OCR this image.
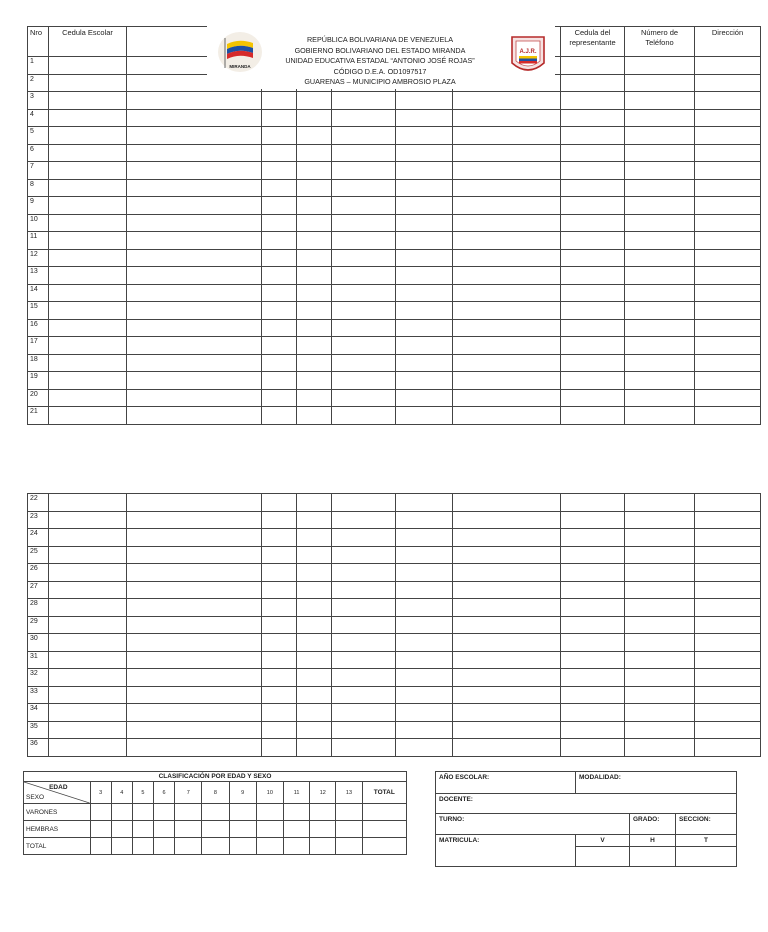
Nro	Cedula Escolar							Cedula del representante	Número de Teléfono	Dirección
1										
2										
3										
4										
5										
6										
7										
8										
9										
10										
11										
12										
13										
14										
15										
16										
17										
18										
19										
20										
21										
MIRANDA
REPÚBLICA BOLIVARIANA DE VENEZUELA
GOBIERNO BOLIVARIANO DEL ESTADO MIRANDA
UNIDAD EDUCATIVA ESTADAL “ANTONIO JOSÉ ROJAS”
CÓDIGO D.E.A. OD1097517
GUARENAS – MUNICIPIO AMBROSIO PLAZA
A.J.R.
22										
23										
24										
25										
26										
27										
28										
29										
30										
31										
32										
33										
34										
35										
36										
CLASIFICACIÓN POR EDAD Y SEXO												

EDAD
SEXO	3	4	5	6	7	8	9	10	11	12	13	TOTAL
VARONES												
HEMBRAS												
TOTAL												
AÑO ESCOLAR:	MODALIDAD:		
DOCENTE:			
TURNO:		GRADO:	SECCION:
MATRICULA:	V	H	T
